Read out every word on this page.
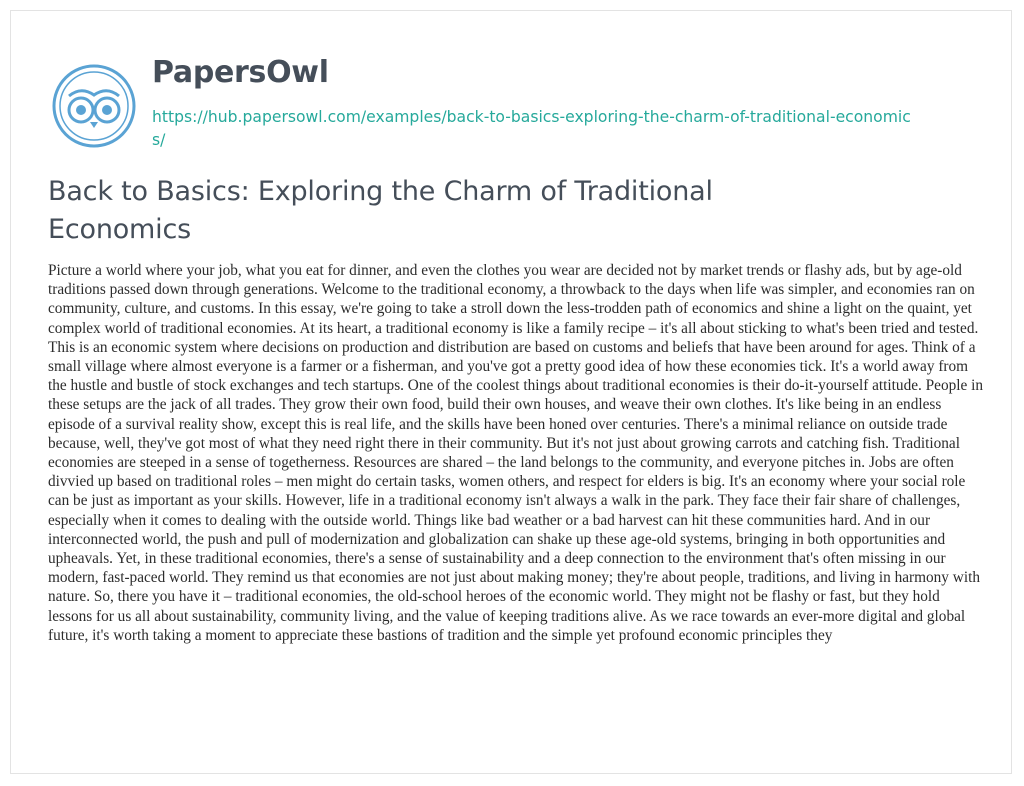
PapersOwl
https://hub.papersowl.com/examples/back-to-basics-exploring-the-charm-of-traditional-economics/
Back to Basics: Exploring the Charm of Traditional Economics

Picture a world where your job, what you eat for dinner, and even the clothes you wear are decided not by market trends or flashy ads, but by age-old traditions passed down through generations. Welcome to the traditional economy, a throwback to the days when life was simpler, and economies ran on community, culture, and customs. In this essay, we're going to take a stroll down the less-trodden path of economics and shine a light on the quaint, yet complex world of traditional economies. At its heart, a traditional economy is like a family recipe – it's all about sticking to what's been tried and tested. This is an economic system where decisions on production and distribution are based on customs and beliefs that have been around for ages. Think of a small village where almost everyone is a farmer or a fisherman, and you've got a pretty good idea of how these economies tick. It's a world away from the hustle and bustle of stock exchanges and tech startups. One of the coolest things about traditional economies is their do-it-yourself attitude. People in these setups are the jack of all trades. They grow their own food, build their own houses, and weave their own clothes. It's like being in an endless episode of a survival reality show, except this is real life, and the skills have been honed over centuries. There's a minimal reliance on outside trade because, well, they've got most of what they need right there in their community. But it's not just about growing carrots and catching fish. Traditional economies are steeped in a sense of togetherness. Resources are shared – the land belongs to the community, and everyone pitches in. Jobs are often divvied up based on traditional roles – men might do certain tasks, women others, and respect for elders is big. It's an economy where your social role can be just as important as your skills. However, life in a traditional economy isn't always a walk in the park. They face their fair share of challenges, especially when it comes to dealing with the outside world. Things like bad weather or a bad harvest can hit these communities hard. And in our interconnected world, the push and pull of modernization and globalization can shake up these age-old systems, bringing in both opportunities and upheavals. Yet, in these traditional economies, there's a sense of sustainability and a deep connection to the environment that's often missing in our modern, fast-paced world. They remind us that economies are not just about making money; they're about people, traditions, and living in harmony with nature. So, there you have it – traditional economies, the old-school heroes of the economic world. They might not be flashy or fast, but they hold lessons for us all about sustainability, community living, and the value of keeping traditions alive. As we race towards an ever-more digital and global future, it's worth taking a moment to appreciate these bastions of tradition and the simple yet profound economic principles they
